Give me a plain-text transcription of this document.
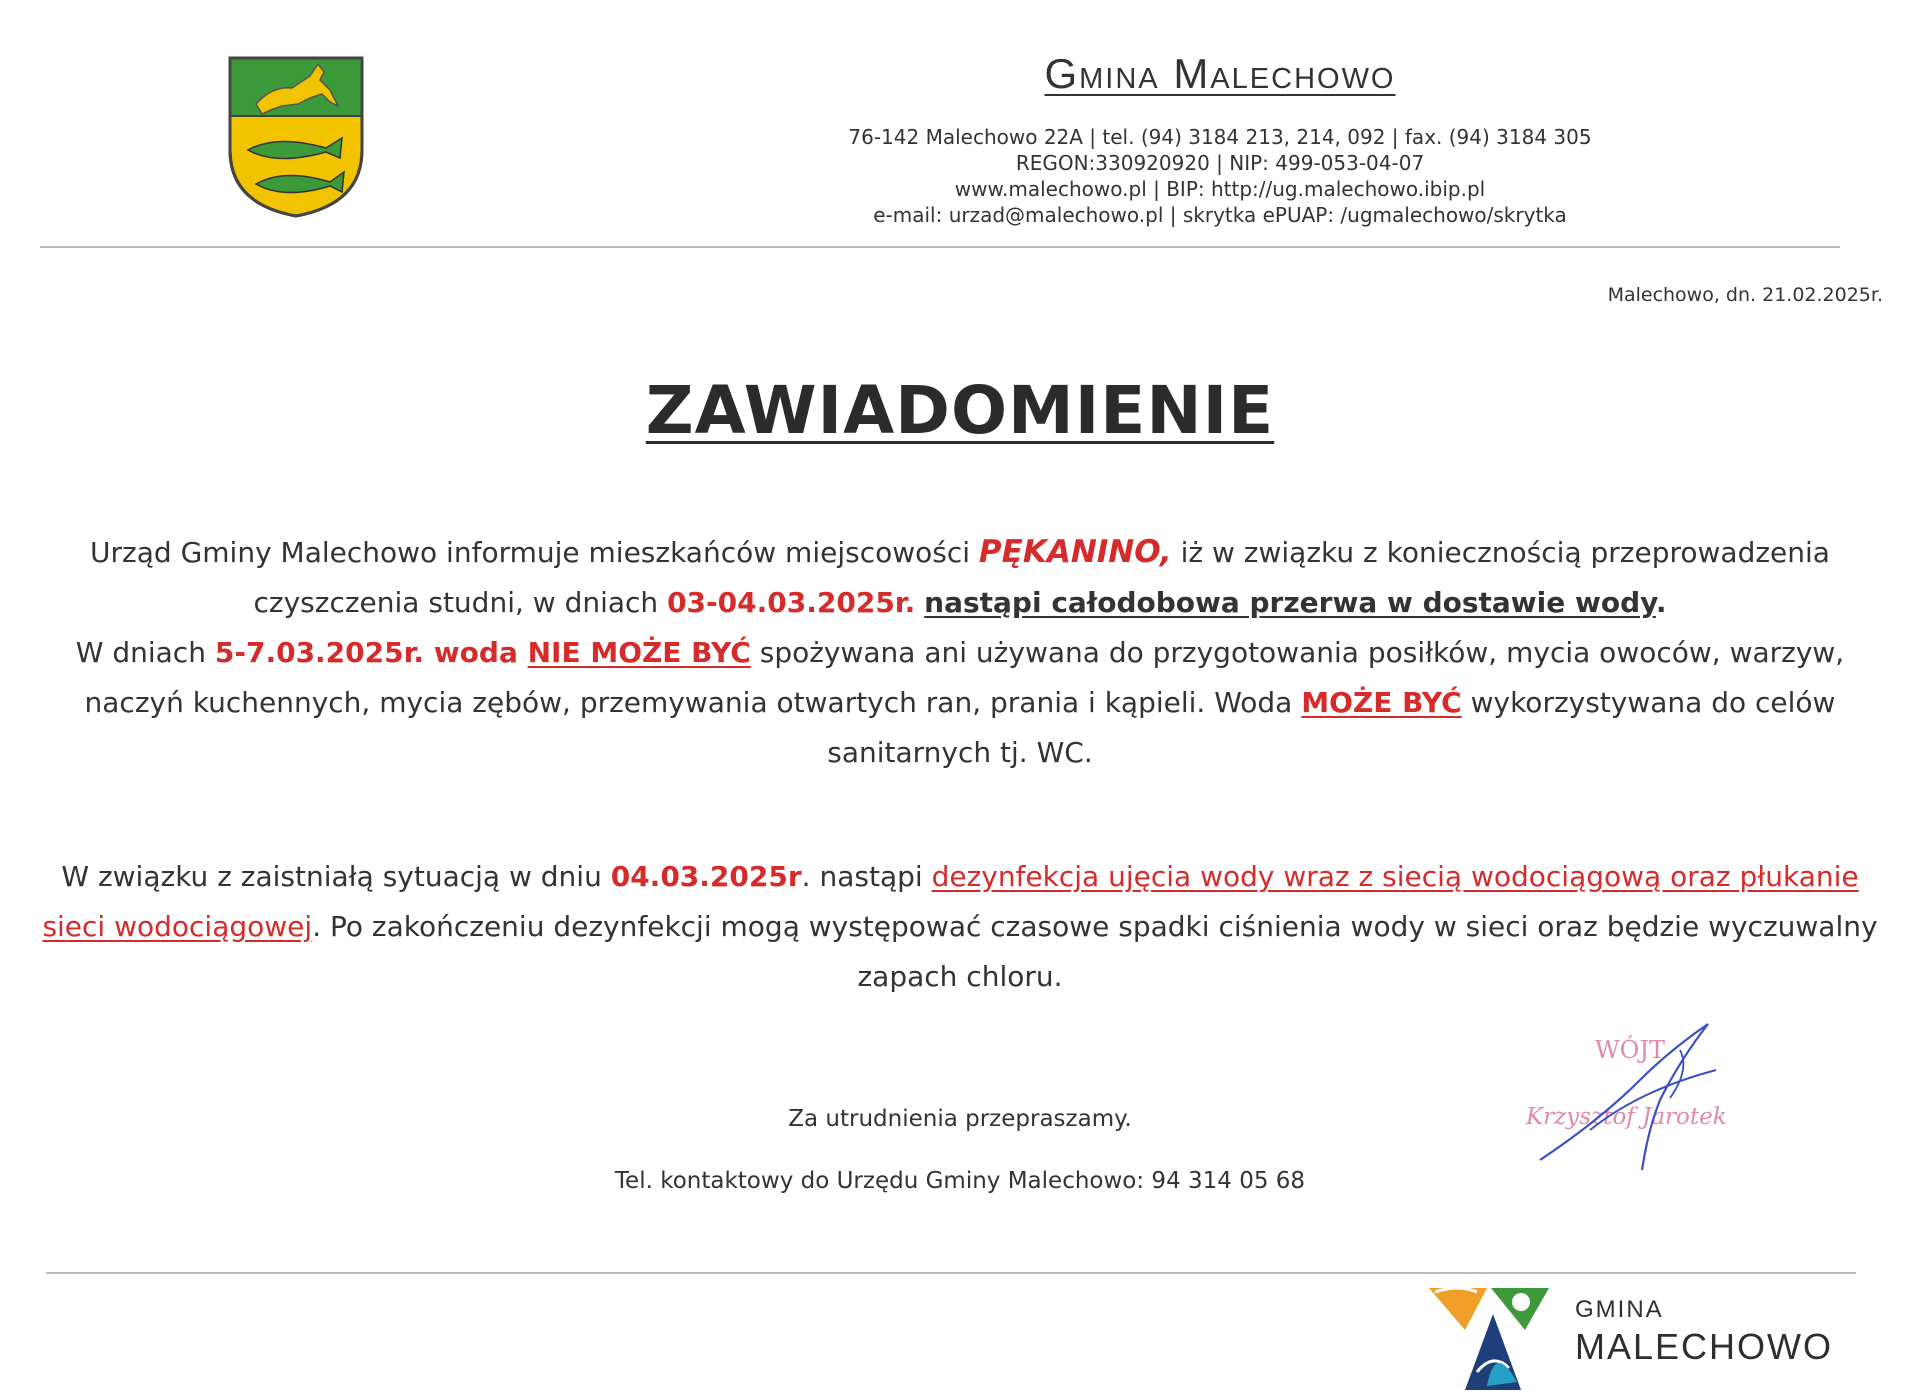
Gmina Malechowo
76-142 Malechowo 22A | tel. (94) 3184 213, 214, 092 | fax. (94) 3184 305
REGON:330920920 | NIP: 499-053-04-07
www.malechowo.pl | BIP: http://ug.malechowo.ibip.pl
e-mail: urzad@malechowo.pl | skrytka ePUAP: /ugmalechowo/skrytka
Malechowo, dn. 21.02.2025r.
ZAWIADOMIENIE
Urząd Gminy Malechowo informuje mieszkańców miejscowości PĘKANINO, iż w związku z koniecznością przeprowadzenia czyszczenia studni, w dniach 03-04.03.2025r. nastąpi całodobowa przerwa w dostawie wody.
W dniach 5-7.03.2025r. woda NIE MOŻE BYĆ spożywana ani używana do przygotowania posiłków, mycia owoców, warzyw, naczyń kuchennych, mycia zębów, przemywania otwartych ran, prania i kąpieli. Woda MOŻE BYĆ wykorzystywana do celów sanitarnych tj. WC.
W związku z zaistniałą sytuacją w dniu 04.03.2025r. nastąpi dezynfekcja ujęcia wody wraz z siecią wodociągową oraz płukanie sieci wodociągowej. Po zakończeniu dezynfekcji mogą występować czasowe spadki ciśnienia wody w sieci oraz będzie wyczuwalny zapach chloru.
Za utrudnienia przepraszamy.
Tel. kontaktowy do Urzędu Gminy Malechowo: 94 314 05 68
WÓJT
Krzysztof Jarotek
GMINA
MALECHOWO
